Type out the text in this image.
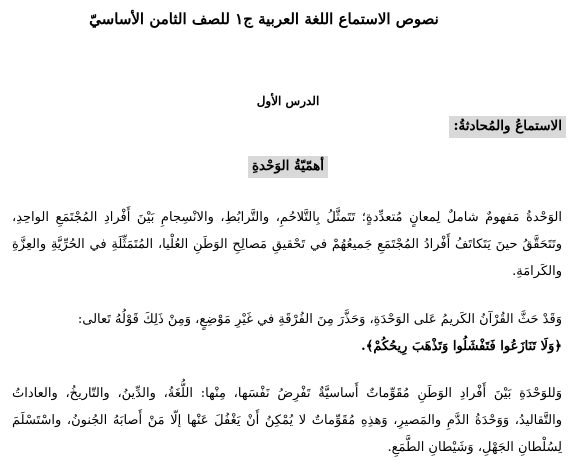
نصوص الاستماع اللغة العربية ج١ للصف الثامن الأساسيّ
الدرس الأول
الاستماعُ والمُحادثةُ:
أهمّيّةُ الوَحْدةِ
الوَحْدةُ مَفهومٌ شاملٌ لِمعانٍ مُتعدِّدةٍ؛ تَتَمثَّلُ بِالتَّلاحُمِ، والتَّرابُطِ، والانْسِجامِ بَيْنَ أَفْرادِ المُجْتَمَعِ الواحِدِ، وتَتَحَقَّقُ حينَ يَتَكاتَفُ أَفْرادُ المُجْتَمَعِ جَميعُهُمْ في تَحْقيقِ مَصالِحِ الوَطَنِ العُلْيا، المُتَمَثِّلَةِ في الحُرِّيَّةِ والعِزَّةِ والكَرامَةِ.
وَقَدْ حَثَّ القُرْآنُ الكَريمُ عَلى الوَحْدَةِ، وَحَذَّرَ مِنَ الفُرْقَةِ في غَيْرِ مَوْضِعٍ، وَمِنْ ذَلِكَ قَوْلُهُ تَعالى:
﴿وَلَا تَنَازَعُوا فَتَفْشَلُوا وَتَذْهَبَ رِيحُكُمْ﴾.
وَللوَحْدَةِ بَيْنَ أَفْرادِ الوَطَنِ مُقَوِّماتٌ أَساسيَّةٌ تَفْرِضُ نَفْسَها، مِنْها: اللُّغَةُ، والدِّينُ، والتّاريخُ، والعاداتُ والتَّقاليدُ، وَوَحْدَةُ الدَّمِ والمَصيرِ، وَهذِهِ مُقَوِّماتٌ لا يُمْكِنُ أَنْ يَغْفُلَ عَنْها إلّا مَنْ أَصابَهُ الجُنونُ، واسْتَسْلَمَ لِسُلْطانِ الجَهْلِ، وَشَيْطانِ الطَّمَعِ.
